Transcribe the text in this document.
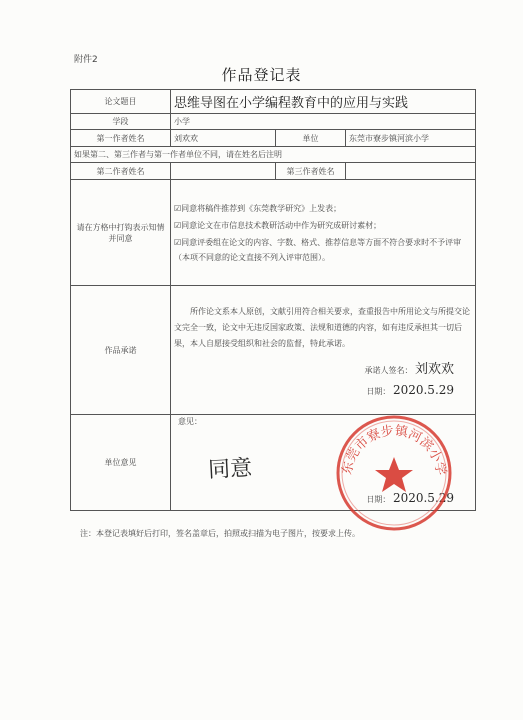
附件2
作品登记表
论文题目	思维导图在小学编程教育中的应用与实践		
学段	小学		
第一作者姓名	刘欢欢	单位	东莞市寮步镇河滨小学
如果第二、第三作者与第一作者单位不同，请在姓名后注明			
第二作者姓名		第三作者姓名	
请在方格中打钩表示知情并同意	☑同意将稿件推荐到《东莞教学研究》上发表；

☑同意论文在市信息技术教研活动中作为研究成研讨素材；

☑同意评委组在论文的内容、字数、格式、推荐信息等方面不符合要求时不予评审（本项不同意的论文直接不列入评审范围）。		

作品承诺	所作论文系本人原创，文献引用符合相关要求，查重报告中所用论文与所提交论文完全一致，论文中无违反国家政策、法规和道德的内容，如有违反承担其一切后果，本人自愿接受组织和社会的监督，特此承诺。

承诺人签名： 刘欢欢
日期： 2020.5.29		

单位意见	意见：
日期： 2020.5.29		
同意	东莞市寮步镇河滨小学
注：本登记表填好后打印，签名盖章后，拍照或扫描为电子图片，按要求上传。
